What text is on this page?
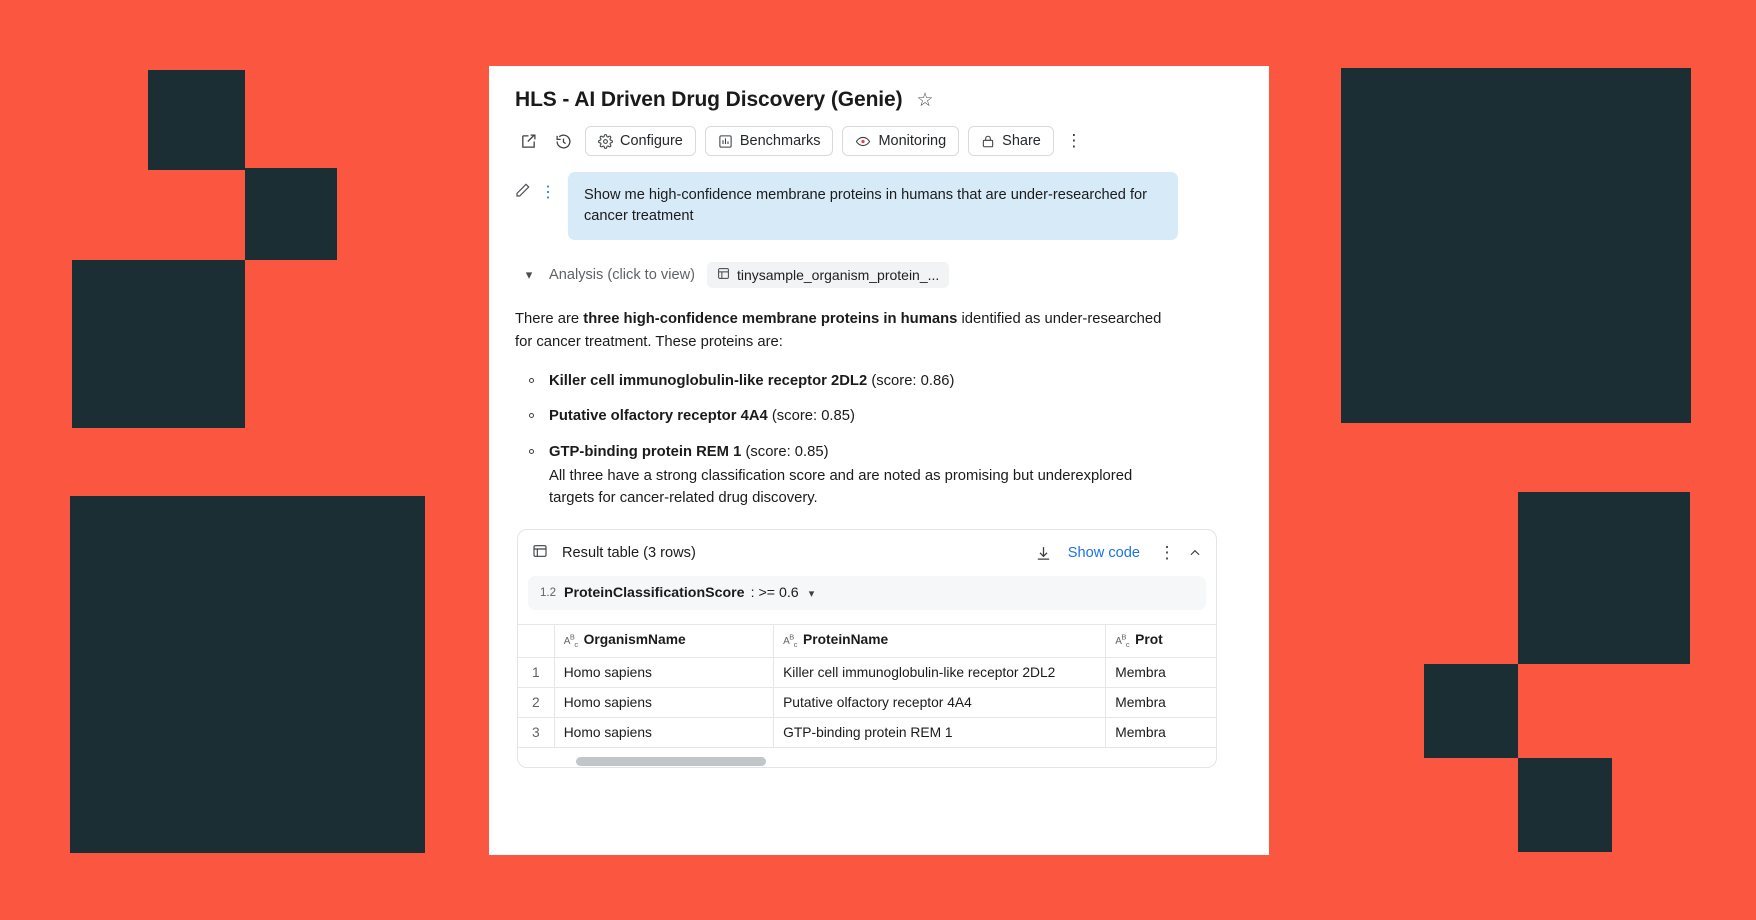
HLS - AI Driven Drug Discovery (Genie) ☆
Configure	Benchmarks	Monitoring	Share ⋮
⋮	Show me high-confidence membrane proteins in humans that are under-researched for cancer treatment
▾	Analysis (click to view)	tinysample_organism_protein_...

There are three high-confidence membrane proteins in humans identified as under-researched for cancer treatment. These proteins are:

Killer cell immunoglobulin-like receptor 2DL2 (score: 0.86)
Putative olfactory receptor 4A4 (score: 0.85)
GTP-binding protein REM 1 (score: 0.85)
All three have a strong classification score and are noted as promising but underexplored targets for cancer-related drug discovery.
Result table (3 rows)	Show code ⋮
1.2 ProteinClassificationScore : >= 0.6 ▾
	$A^B_c$ OrganismName	$A^B_c$ ProteinName	$A^B_c$ Prot
1	Homo sapiens	Killer cell immunoglobulin-like receptor 2DL2	Membra
2	Homo sapiens	Putative olfactory receptor 4A4	Membra
3	Homo sapiens	GTP-binding protein REM 1	Membra
